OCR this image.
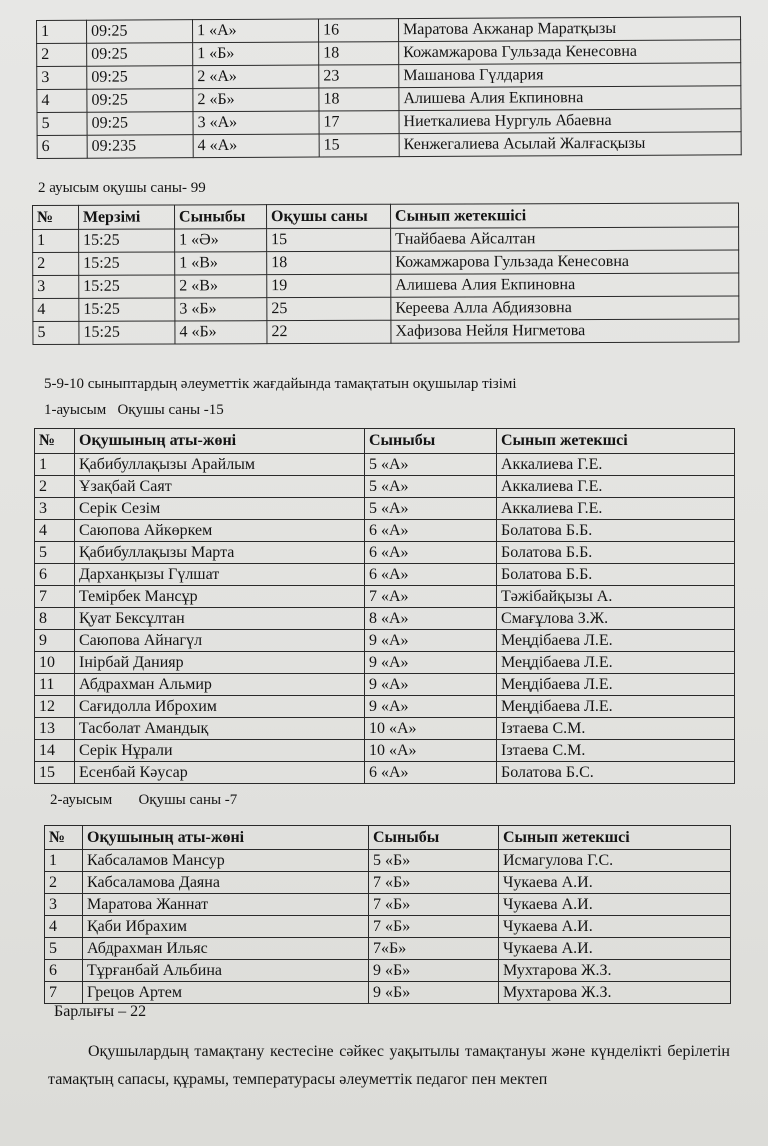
1	09:25	1 «А»	16	Маратова Акжанар Маратқызы
2	09:25	1 «Б»	18	Кожамжарова Гульзада Кенесовна
3	09:25	2 «А»	23	Машанова Гүлдария
4	09:25	2 «Б»	18	Алишева Алия Екпиновна
5	09:25	3 «А»	17	Ниеткалиева Нургуль Абаевна
6	09:235	4 «А»	15	Кенжегалиева Асылай Жалғасқызы
2 ауысым оқушы саны- 99
№	Мерзімі	Сыныбы	Оқушы саны	Сынып жетекшісі
1	15:25	1 «Ә»	15	Тнайбаева Айсалтан
2	15:25	1 «В»	18	Кожамжарова Гульзада Кенесовна
3	15:25	2 «В»	19	Алишева Алия Екпиновна
4	15:25	3 «Б»	25	Кереева Алла Абдиязовна
5	15:25	4 «Б»	22	Хафизова Нейля Нигметова
5-9-10 сыныптардың әлеуметтік жағдайында тамақтатын оқушылар тізімі
1-ауысым   Оқушы саны -15
№	Оқушының аты-жөні	Сыныбы	Сынып жетекшсі
1	Қабибуллақызы Арайлым	5 «А»	Аккалиева Г.Е.
2	Ұзақбай Саят	5 «А»	Аккалиева Г.Е.
3	Серік Сезім	5 «А»	Аккалиева Г.Е.
4	Саюпова Айкөркем	6 «А»	Болатова Б.Б.
5	Қабибуллақызы Марта	6 «А»	Болатова Б.Б.
6	Дарханқызы Гүлшат	6 «А»	Болатова Б.Б.
7	Темірбек Мансұр	7 «А»	Тәжібайқызы А.
8	Қуат Бексұлтан	8 «А»	Смағұлова З.Ж.
9	Саюпова Айнагүл	9 «А»	Меңдібаева Л.Е.
10	Інірбай Данияр	9 «А»	Меңдібаева Л.Е.
11	Абдрахман Альмир	9 «А»	Меңдібаева Л.Е.
12	Сағидолла Иброхим	9 «А»	Меңдібаева Л.Е.
13	Тасболат Амандық	10 «А»	Ізтаева С.М.
14	Серік Нұрали	10 «А»	Ізтаева С.М.
15	Есенбай Кәусар	6 «А»	Болатова Б.С.
2-ауысым       Оқушы саны -7
№	Оқушының аты-жөні	Сыныбы	Сынып жетекшсі
1	Кабсаламов Мансур	5 «Б»	Исмагулова Г.С.
2	Кабсаламова Даяна	7 «Б»	Чукаева А.И.
3	Маратова Жаннат	7 «Б»	Чукаева А.И.
4	Қаби Ибрахим	7 «Б»	Чукаева А.И.
5	Абдрахман Ильяс	7«Б»	Чукаева А.И.
6	Тұрғанбай Альбина	9 «Б»	Мухтарова Ж.З.
7	Грецов Артем	9 «Б»	Мухтарова Ж.З.
Барлығы – 22
Оқушылардың тамақтану кестесіне сәйкес уақытылы тамақтануы және күнделікті берілетін тамақтың сапасы, құрамы, температурасы әлеуметтік педагог пен мектеп
